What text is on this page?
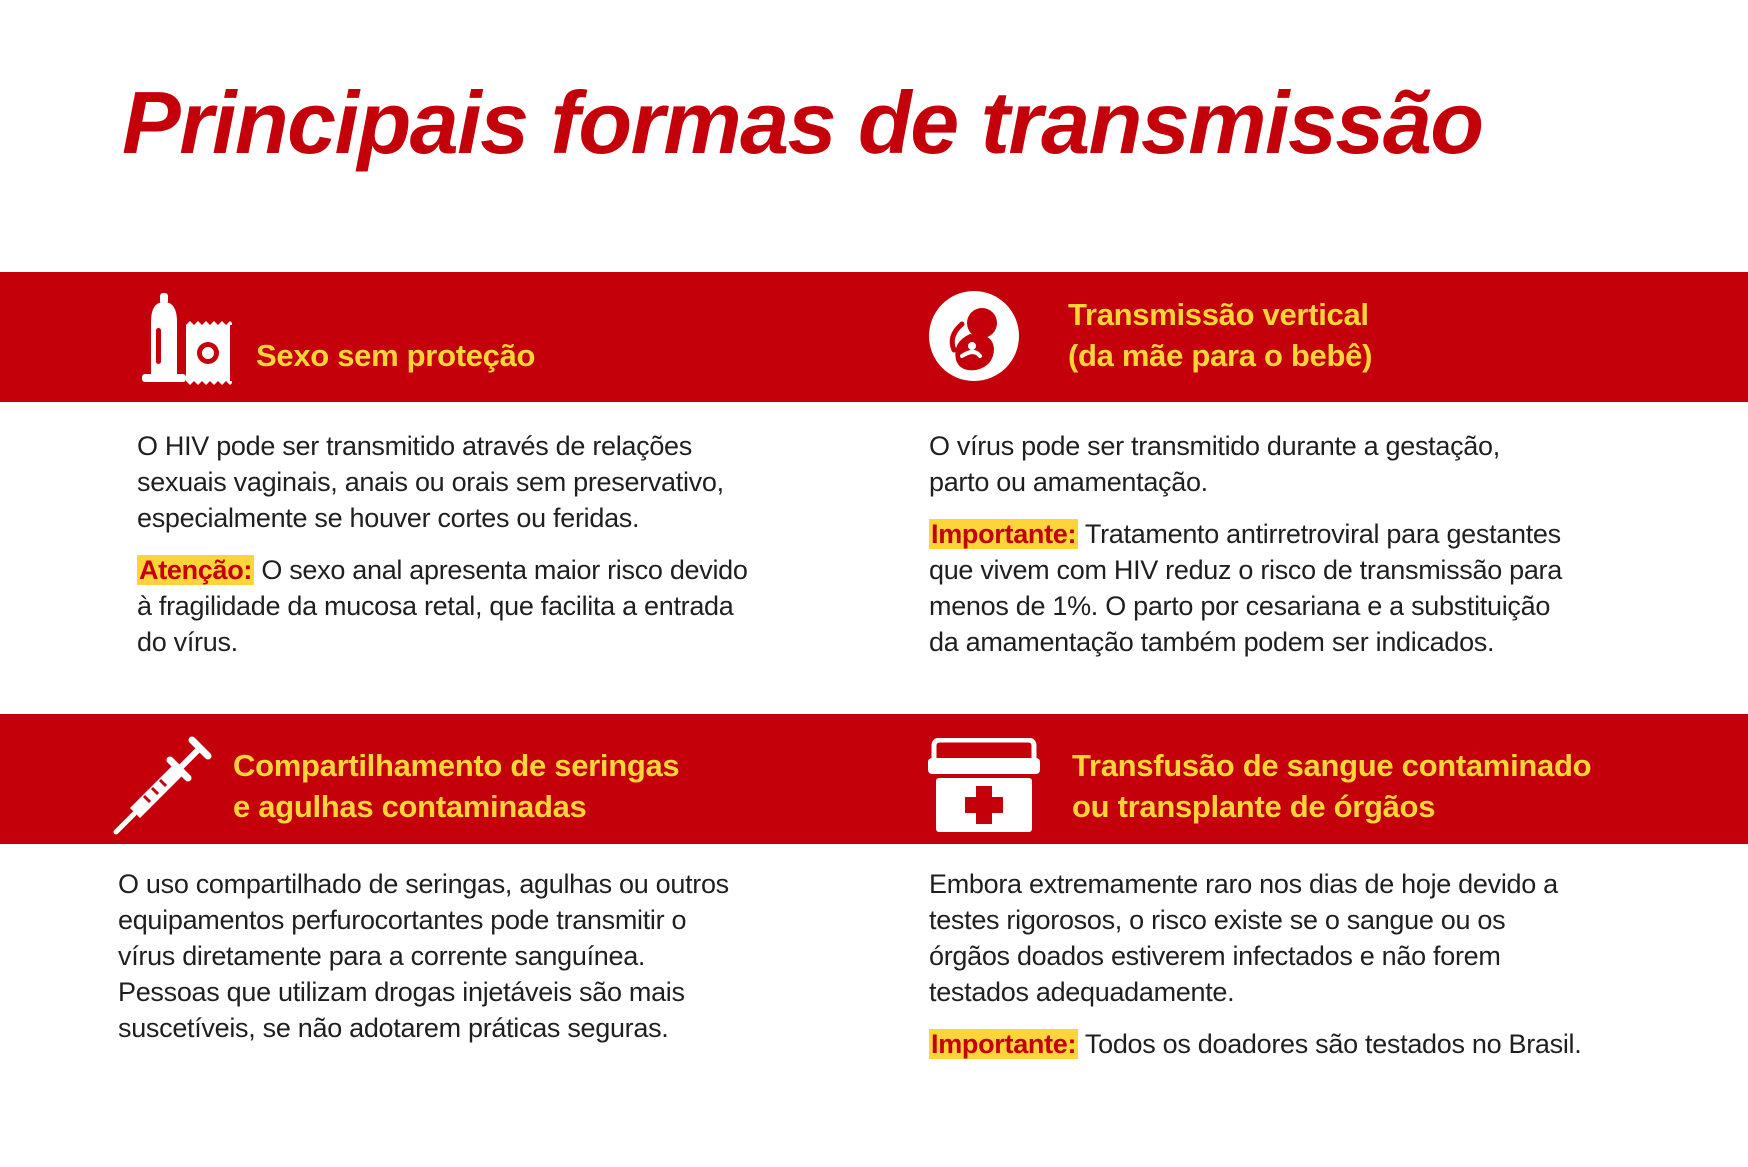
Principais formas de transmissão
Sexo sem proteção

O HIV pode ser transmitido através de relações
sexuais vaginais, anais ou orais sem preservativo,
especialmente se houver cortes ou feridas.

Atenção: O sexo anal apresenta maior risco devido
à fragilidade da mucosa retal, que facilita a entrada
do vírus.

Transmissão vertical
(da mãe para o bebê)

O vírus pode ser transmitido durante a gestação,
parto ou amamentação.

Importante: Tratamento antirretroviral para gestantes
que vivem com HIV reduz o risco de transmissão para
menos de 1%. O parto por cesariana e a substituição
da amamentação também podem ser indicados.

Compartilhamento de seringas
e agulhas contaminadas

O uso compartilhado de seringas, agulhas ou outros
equipamentos perfurocortantes pode transmitir o
vírus diretamente para a corrente sanguínea.
Pessoas que utilizam drogas injetáveis são mais
suscetíveis, se não adotarem práticas seguras.

Transfusão de sangue contaminado
ou transplante de órgãos

Embora extremamente raro nos dias de hoje devido a
testes rigorosos, o risco existe se o sangue ou os
órgãos doados estiverem infectados e não forem
testados adequadamente.

Importante: Todos os doadores são testados no Brasil.
